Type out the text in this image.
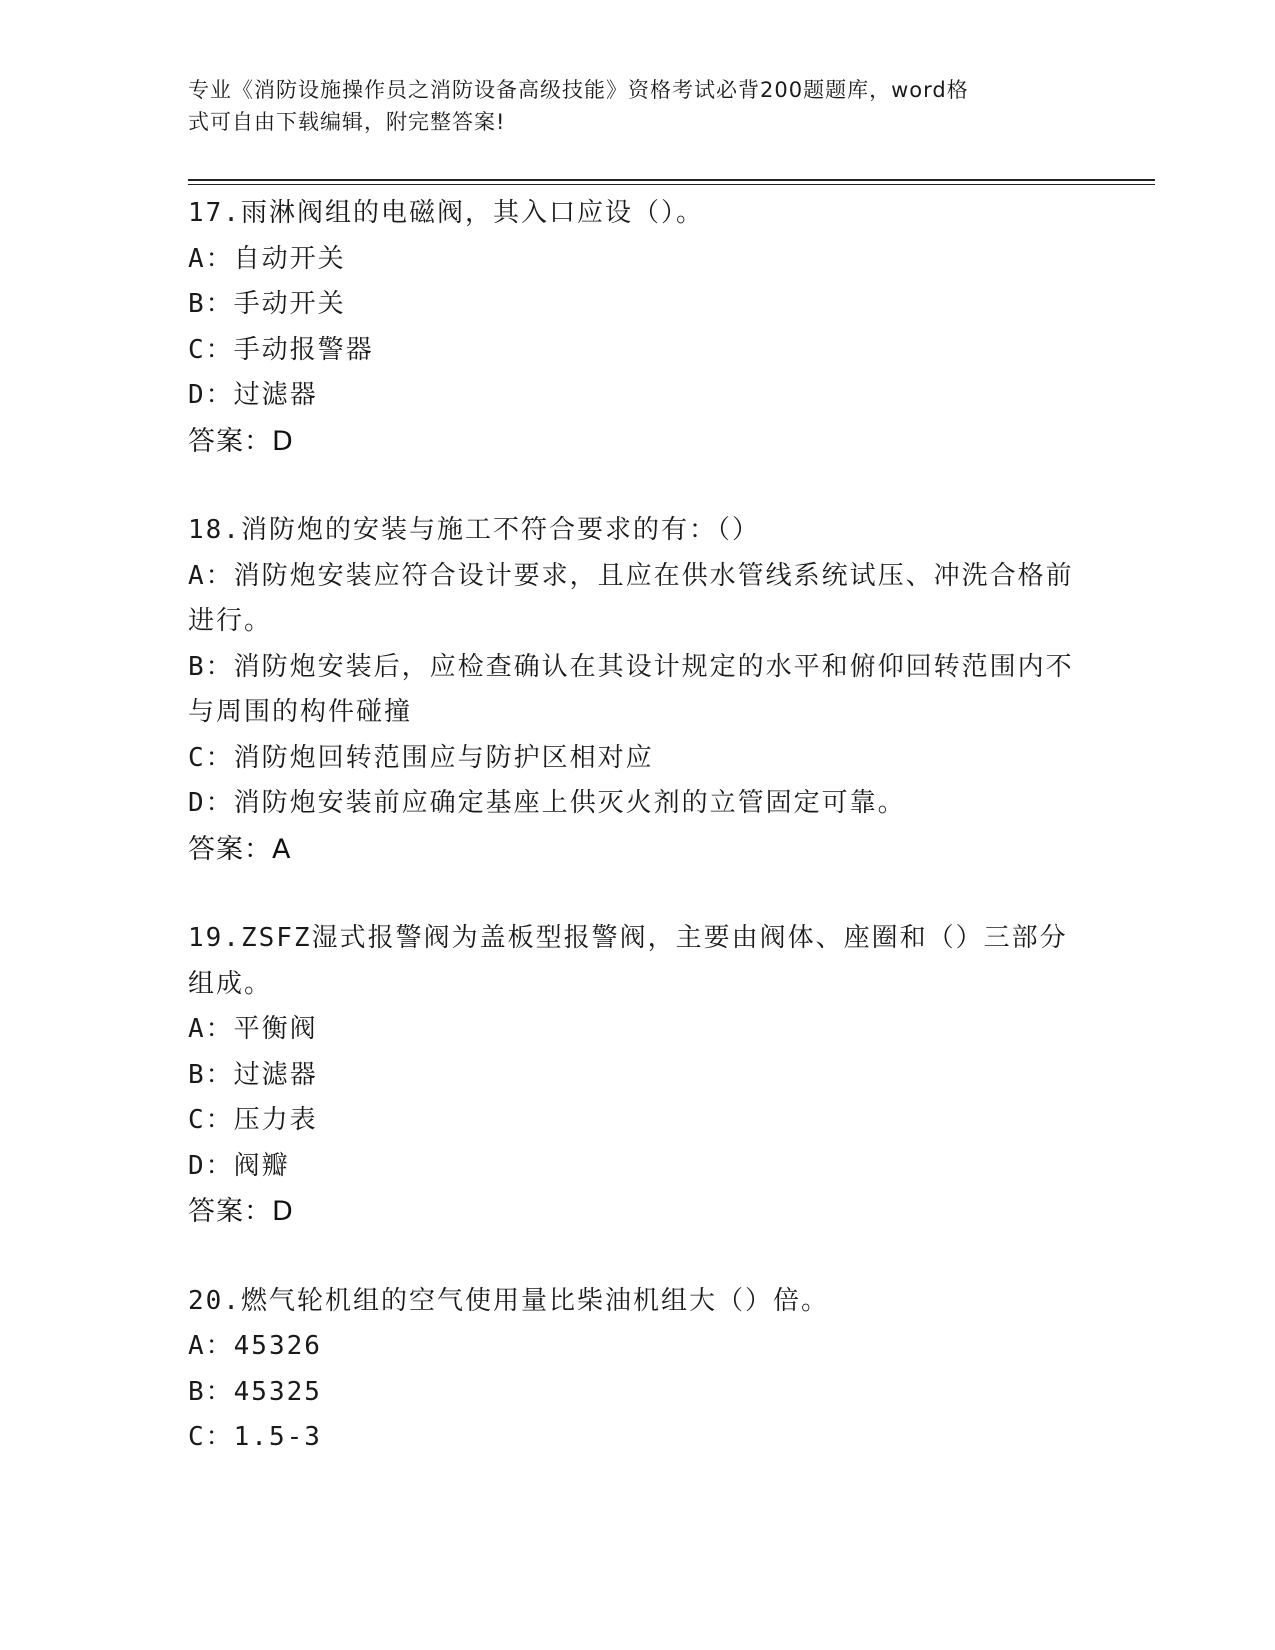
专业《消防设施操作员之消防设备高级技能》资格考试必背200题题库，word格
式可自由下载编辑，附完整答案!
17.雨淋阀组的电磁阀，其入口应设（）。
A：自动开关
B：手动开关
C：手动报警器
D：过滤器
答案：D
18.消防炮的安装与施工不符合要求的有：（）
A：消防炮安装应符合设计要求，且应在供水管线系统试压、冲洗合格前进行。
B：消防炮安装后，应检查确认在其设计规定的水平和俯仰回转范围内不与周围的构件碰撞
C：消防炮回转范围应与防护区相对应
D：消防炮安装前应确定基座上供灭火剂的立管固定可靠。
答案：A
19.ZSFZ湿式报警阀为盖板型报警阀，主要由阀体、座圈和（）三部分组成。
A：平衡阀
B：过滤器
C：压力表
D：阀瓣
答案：D
20.燃气轮机组的空气使用量比柴油机组大（）倍。
A：45326
B：45325
C：1.5-3
